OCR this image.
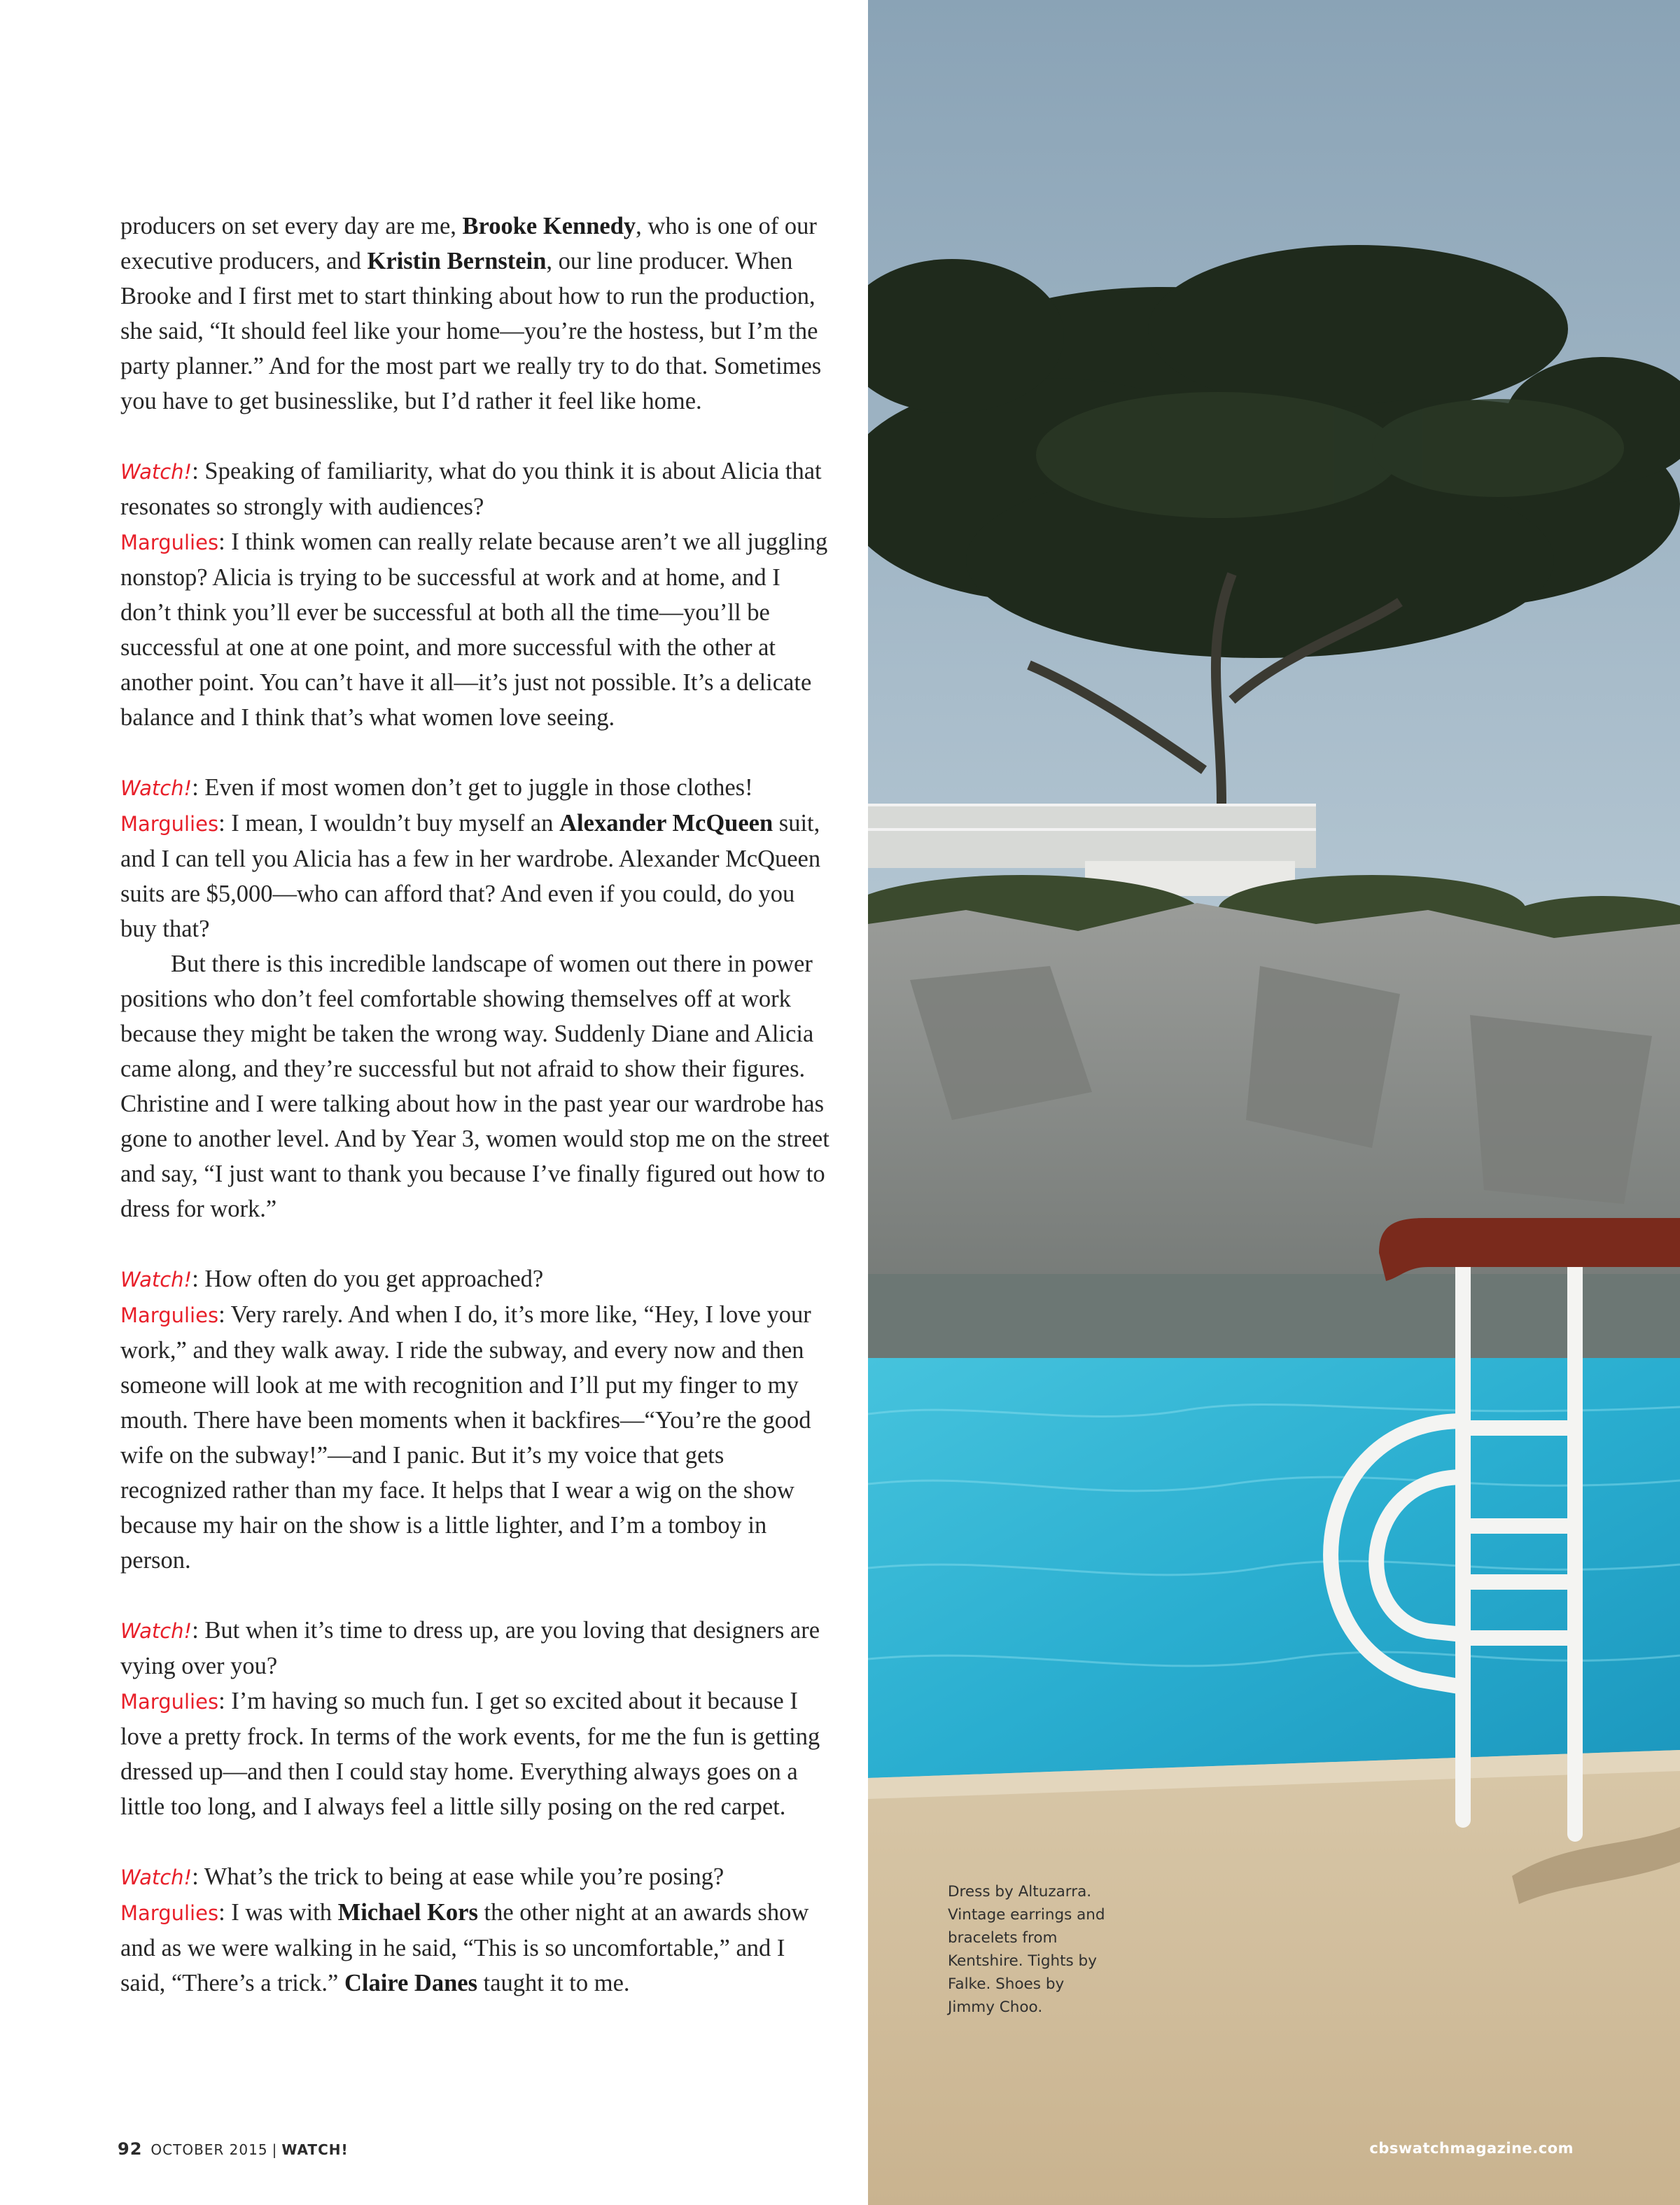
producers on set every day are me, Brooke Kennedy, who is one of our executive producers, and Kristin Bernstein, our line producer. When Brooke and I first met to start thinking about how to run the production, she said, “It should feel like your home—you’re the hostess, but I’m the party planner.” And for the most part we really try to do that. Sometimes you have to get businesslike, but I’d rather it feel like home.

Watch!: Speaking of familiarity, what do you think it is about Alicia that resonates so strongly with audiences?

Margulies: I think women can really relate because aren’t we all juggling nonstop? Alicia is trying to be successful at work and at home, and I don’t think you’ll ever be successful at both all the time—you’ll be successful at one at one point, and more successful with the other at another point. You can’t have it all—it’s just not possible. It’s a delicate balance and I think that’s what women love seeing.

Watch!: Even if most women don’t get to juggle in those clothes!

Margulies: I mean, I wouldn’t buy myself an Alexander McQueen suit, and I can tell you Alicia has a few in her wardrobe. Alexander McQueen suits are $5,000—who can afford that? And even if you could, do you buy that?

But there is this incredible landscape of women out there in power positions who don’t feel comfortable showing themselves off at work because they might be taken the wrong way. Suddenly Diane and Alicia came along, and they’re successful but not afraid to show their figures. Christine and I were talking about how in the past year our wardrobe has gone to another level. And by Year 3, women would stop me on the street and say, “I just want to thank you because I’ve finally figured out how to dress for work.”

Watch!: How often do you get approached?

Margulies: Very rarely. And when I do, it’s more like, “Hey, I love your work,” and they walk away. I ride the subway, and every now and then someone will look at me with recognition and I’ll put my finger to my mouth. There have been moments when it backfires—“You’re the good wife on the subway!”—and I panic. But it’s my voice that gets recognized rather than my face. It helps that I wear a wig on the show because my hair on the show is a little lighter, and I’m a tomboy in person.

Watch!: But when it’s time to dress up, are you loving that designers are vying over you?

Margulies: I’m having so much fun. I get so excited about it because I love a pretty frock. In terms of the work events, for me the fun is getting dressed up—and then I could stay home. Everything always goes on a little too long, and I always feel a little silly posing on the red carpet.

Watch!: What’s the trick to being at ease while you’re posing?

Margulies: I was with Michael Kors the other night at an awards show and as we were walking in he said, “This is so uncomfortable,” and I said, “There’s a trick.” Claire Danes taught it to me.

Dress by Altuzarra. Vintage earrings and bracelets from Kentshire. Tights by Falke. Shoes by Jimmy Choo.
92 OCTOBER 2015 | WATCH!	cbswatchmagazine.com
